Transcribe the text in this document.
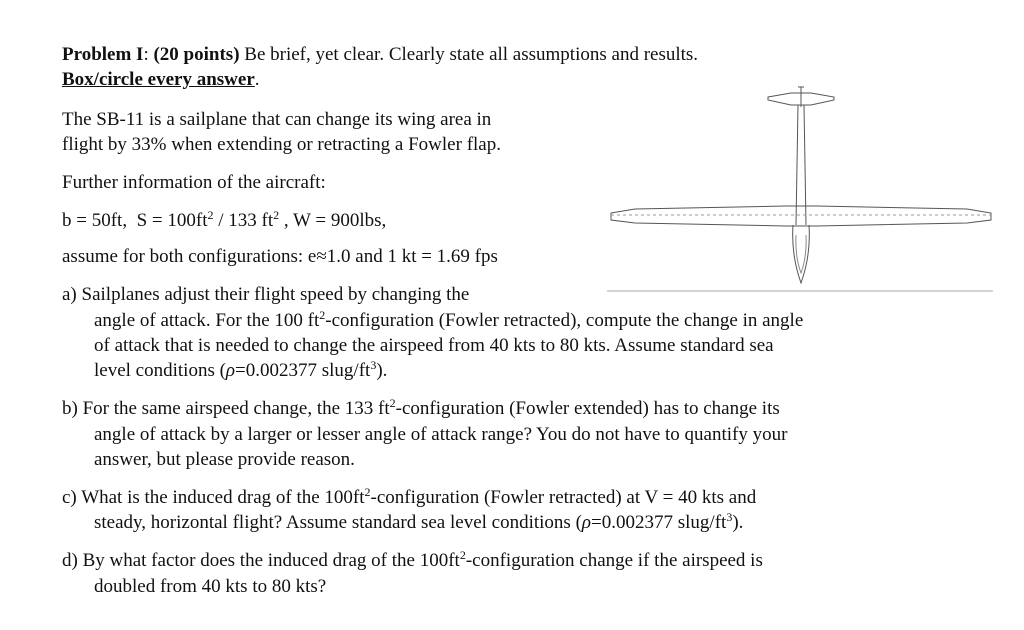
Problem I: (20 points) Be brief, yet clear. Clearly state all assumptions and results.
Box/circle every answer.
The SB-11 is a sailplane that can change its wing area in
flight by 33% when extending or retracting a Fowler flap.
Further information of the aircraft:
b = 50ft, $S = 100ft^2 / 133$ $ft^2$ , W = 900lbs,
assume for both configurations: e≈1.0 and 1 kt = 1.69 fps
a) Sailplanes adjust their flight speed by changing the
angle of attack. For the 100 $ft^2$-configuration (Fowler retracted), compute the change in angle
of attack that is needed to change the airspeed from 40 kts to 80 kts. Assume standard sea
level conditions (ρ=0.002377 slug/$ft^3$).
b) For the same airspeed change, the 133 $ft^2$-configuration (Fowler extended) has to change its
angle of attack by a larger or lesser angle of attack range? You do not have to quantify your
answer, but please provide reason.
c) What is the induced drag of the $100ft^2$-configuration (Fowler retracted) at V = 40 kts and
steady, horizontal flight? Assume standard sea level conditions (ρ=0.002377 slug/$ft^3$).
d) By what factor does the induced drag of the $100ft^2$-configuration change if the airspeed is
doubled from 40 kts to 80 kts?
